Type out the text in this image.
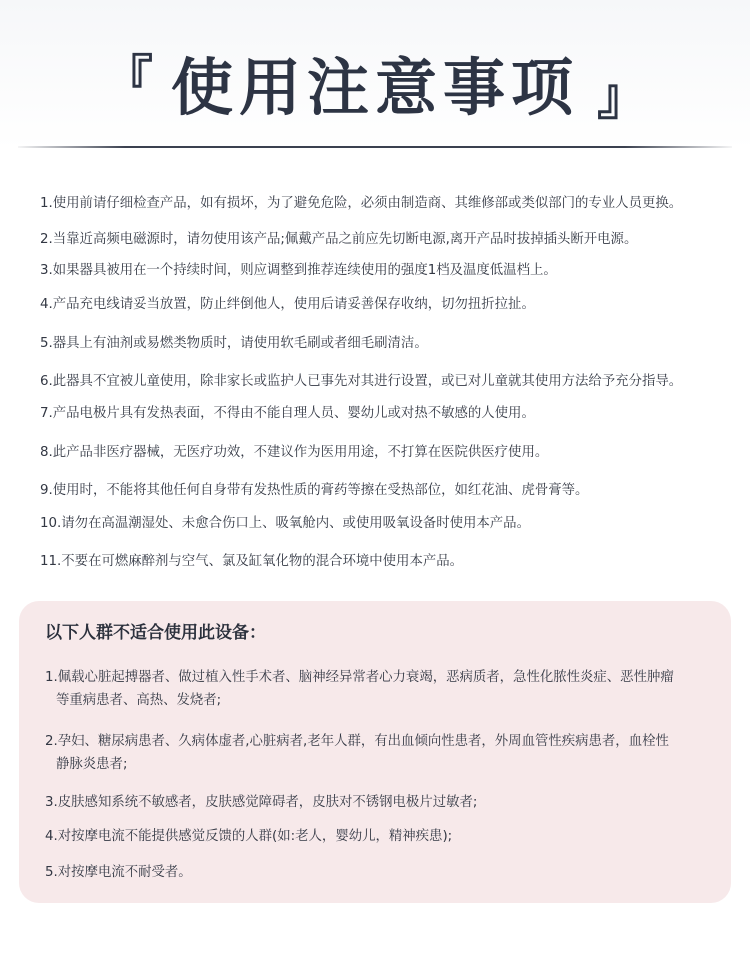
『 使用注意事项 』
1.使用前请仔细检查产品，如有损坏，为了避免危险，必须由制造商、其维修部或类似部门的专业人员更换。
2.当靠近高频电磁源时，请勿使用该产品;佩戴产品之前应先切断电源,离开产品时拔掉插头断开电源。
3.如果器具被用在一个持续时间，则应调整到推荐连续使用的强度1档及温度低温档上。
4.产品充电线请妥当放置，防止绊倒他人，使用后请妥善保存收纳，切勿扭折拉扯。
5.器具上有油剂或易燃类物质时，请使用软毛刷或者细毛刷清洁。
6.此器具不宜被儿童使用，除非家长或监护人已事先对其进行设置，或已对儿童就其使用方法给予充分指导。
7.产品电极片具有发热表面，不得由不能自理人员、婴幼儿或对热不敏感的人使用。
8.此产品非医疗器械，无医疗功效，不建议作为医用用途，不打算在医院供医疗使用。
9.使用时，不能将其他任何自身带有发热性质的膏药等擦在受热部位，如红花油、虎骨膏等。
10.请勿在高温潮湿处、未愈合伤口上、吸氧舱内、或使用吸氧设备时使用本产品。
11.不要在可燃麻醉剂与空气、氯及缸氧化物的混合环境中使用本产品。
以下人群不适合使用此设备：
1.佩载心脏起搏器者、做过植入性手术者、脑神经异常者心力衰竭，恶病质者，急性化脓性炎症、恶性肿瘤
等重病患者、高热、发烧者;
2.孕妇、糖尿病患者、久病体虚者,心脏病者,老年人群，有出血倾向性患者，外周血管性疾病患者，血栓性
静脉炎患者;
3.皮肤感知系统不敏感者，皮肤感觉障碍者，皮肤对不锈钢电极片过敏者;
4.对按摩电流不能提供感觉反馈的人群(如:老人，婴幼儿，精神疾患);
5.对按摩电流不耐受者。
